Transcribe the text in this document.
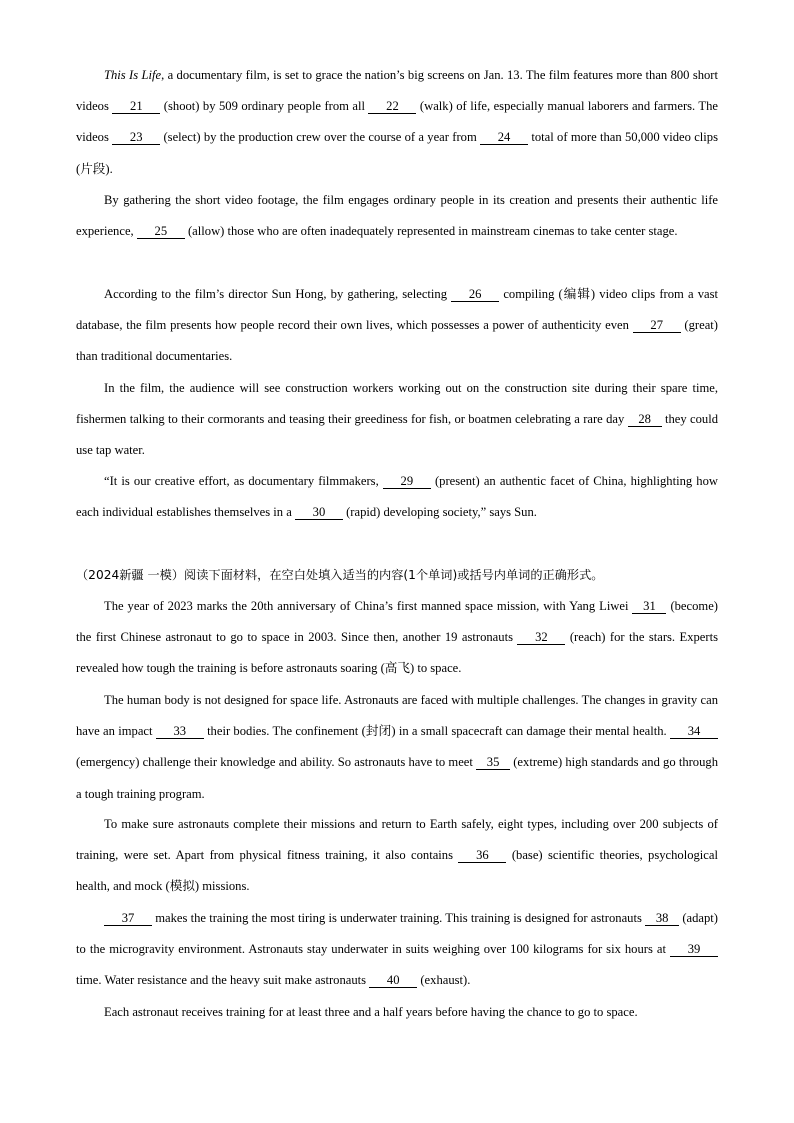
This Is Life, a documentary film, is set to grace the nation’s big screens on Jan. 13. The film features more than 800 short videos 21 (shoot) by 509 ordinary people from all 22 (walk) of life, especially manual laborers and farmers. The videos 23 (select) by the production crew over the course of a year from 24 total of more than 50,000 video clips (片段).

By gathering the short video footage, the film engages ordinary people in its creation and presents their authentic life experience, 25 (allow) those who are often inadequately represented in mainstream cinemas to take center stage.

According to the film’s director Sun Hong, by gathering, selecting 26 compiling (编辑) video clips from a vast database, the film presents how people record their own lives, which possesses a power of authenticity even 27 (great) than traditional documentaries.

In the film, the audience will see construction workers working out on the construction site during their spare time, fishermen talking to their cormorants and teasing their greediness for fish, or boatmen celebrating a rare day 28 they could use tap water.

“It is our creative effort, as documentary filmmakers, 29 (present) an authentic facet of China, highlighting how each individual establishes themselves in a 30 (rapid) developing society,” says Sun.

（2024新疆 一模）阅读下面材料，在空白处填入适当的内容(1个单词)或括号内单词的正确形式。

The year of 2023 marks the 20th anniversary of China’s first manned space mission, with Yang Liwei 31 (become) the first Chinese astronaut to go to space in 2003. Since then, another 19 astronauts 32 (reach) for the stars. Experts revealed how tough the training is before astronauts soaring (高飞) to space.

The human body is not designed for space life. Astronauts are faced with multiple challenges. The changes in gravity can have an impact 33 their bodies. The confinement (封闭) in a small spacecraft can damage their mental health. 34 (emergency) challenge their knowledge and ability. So astronauts have to meet 35 (extreme) high standards and go through a tough training program.

To make sure astronauts complete their missions and return to Earth safely, eight types, including over 200 subjects of training, were set. Apart from physical fitness training, it also contains 36 (base) scientific theories, psychological health, and mock (模拟) missions.

37 makes the training the most tiring is underwater training. This training is designed for astronauts 38 (adapt) to the microgravity environment. Astronauts stay underwater in suits weighing over 100 kilograms for six hours at 39 time. Water resistance and the heavy suit make astronauts 40 (exhaust).

Each astronaut receives training for at least three and a half years before having the chance to go to space.
